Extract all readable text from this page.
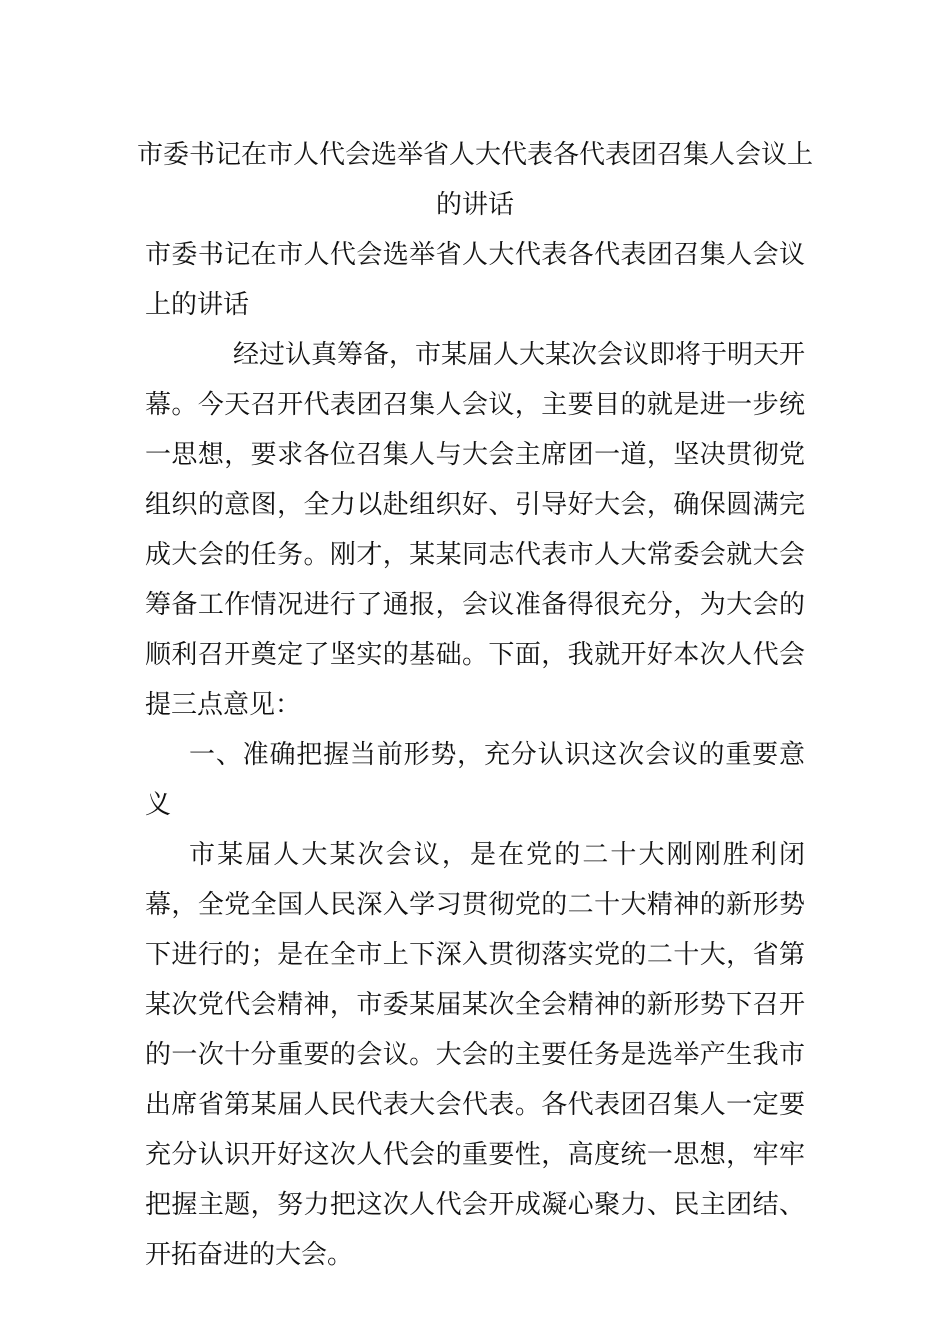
市委书记在市人代会选举省人大代表各代表团召集人会议上的讲话
市委书记在市人代会选举省人大代表各代表团召集人会议上的讲话

经过认真筹备，市某届人大某次会议即将于明天开幕。今天召开代表团召集人会议，主要目的就是进一步统一思想，要求各位召集人与大会主席团一道，坚决贯彻党组织的意图，全力以赴组织好、引导好大会，确保圆满完成大会的任务。刚才，某某同志代表市人大常委会就大会筹备工作情况进行了通报，会议准备得很充分，为大会的顺利召开奠定了坚实的基础。下面，我就开好本次人代会提三点意见：

一、准确把握当前形势，充分认识这次会议的重要意义

市某届人大某次会议，是在党的二十大刚刚胜利闭幕，全党全国人民深入学习贯彻党的二十大精神的新形势下进行的；是在全市上下深入贯彻落实党的二十大，省第某次党代会精神，市委某届某次全会精神的新形势下召开的一次十分重要的会议。大会的主要任务是选举产生我市出席省第某届人民代表大会代表。各代表团召集人一定要充分认识开好这次人代会的重要性，高度统一思想，牢牢把握主题，努力把这次人代会开成凝心聚力、民主团结、开拓奋进的大会。
